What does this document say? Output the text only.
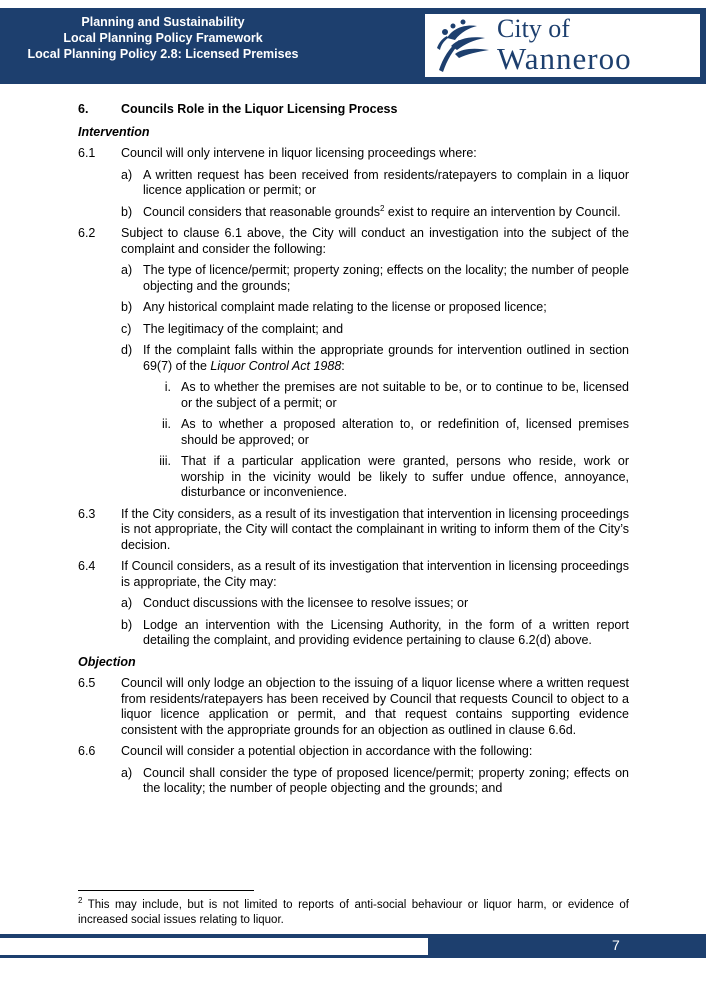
Planning and Sustainability
Local Planning Policy Framework
Local Planning Policy 2.8: Licensed Premises
City of
Wanneroo
6.	Councils Role in the Liquor Licensing Process
Intervention
6.1	Council will only intervene in liquor licensing proceedings where:
a) A written request has been received from residents/ratepayers to complain in a liquor licence application or permit; or
b) Council considers that reasonable grounds$^2$ exist to require an intervention by Council.
6.2	Subject to clause 6.1 above, the City will conduct an investigation into the subject of the complaint and consider the following:
a) The type of licence/permit; property zoning; effects on the locality; the number of people objecting and the grounds;
b) Any historical complaint made relating to the license or proposed licence;
c) The legitimacy of the complaint; and
d) If the complaint falls within the appropriate grounds for intervention outlined in section 69(7) of the Liquor Control Act 1988:
i. As to whether the premises are not suitable to be, or to continue to be, licensed or the subject of a permit; or
ii. As to whether a proposed alteration to, or redefinition of, licensed premises should be approved; or
iii. That if a particular application were granted, persons who reside, work or worship in the vicinity would be likely to suffer undue offence, annoyance, disturbance or inconvenience.
6.3	If the City considers, as a result of its investigation that intervention in licensing proceedings is not appropriate, the City will contact the complainant in writing to inform them of the City’s decision.
6.4	If Council considers, as a result of its investigation that intervention in licensing proceedings is appropriate, the City may:
a) Conduct discussions with the licensee to resolve issues; or
b) Lodge an intervention with the Licensing Authority, in the form of a written report detailing the complaint, and providing evidence pertaining to clause 6.2(d) above.
Objection
6.5	Council will only lodge an objection to the issuing of a liquor license where a written request from residents/ratepayers has been received by Council that requests Council to object to a liquor licence application or permit, and that request contains supporting evidence consistent with the appropriate grounds for an objection as outlined in clause 6.6d.
6.6	Council will consider a potential objection in accordance with the following:
a) Council shall consider the type of proposed licence/permit; property zoning; effects on the locality; the number of people objecting and the grounds; and
$^2$ This may include, but is not limited to reports of anti-social behaviour or liquor harm, or evidence of increased social issues relating to liquor.
7
